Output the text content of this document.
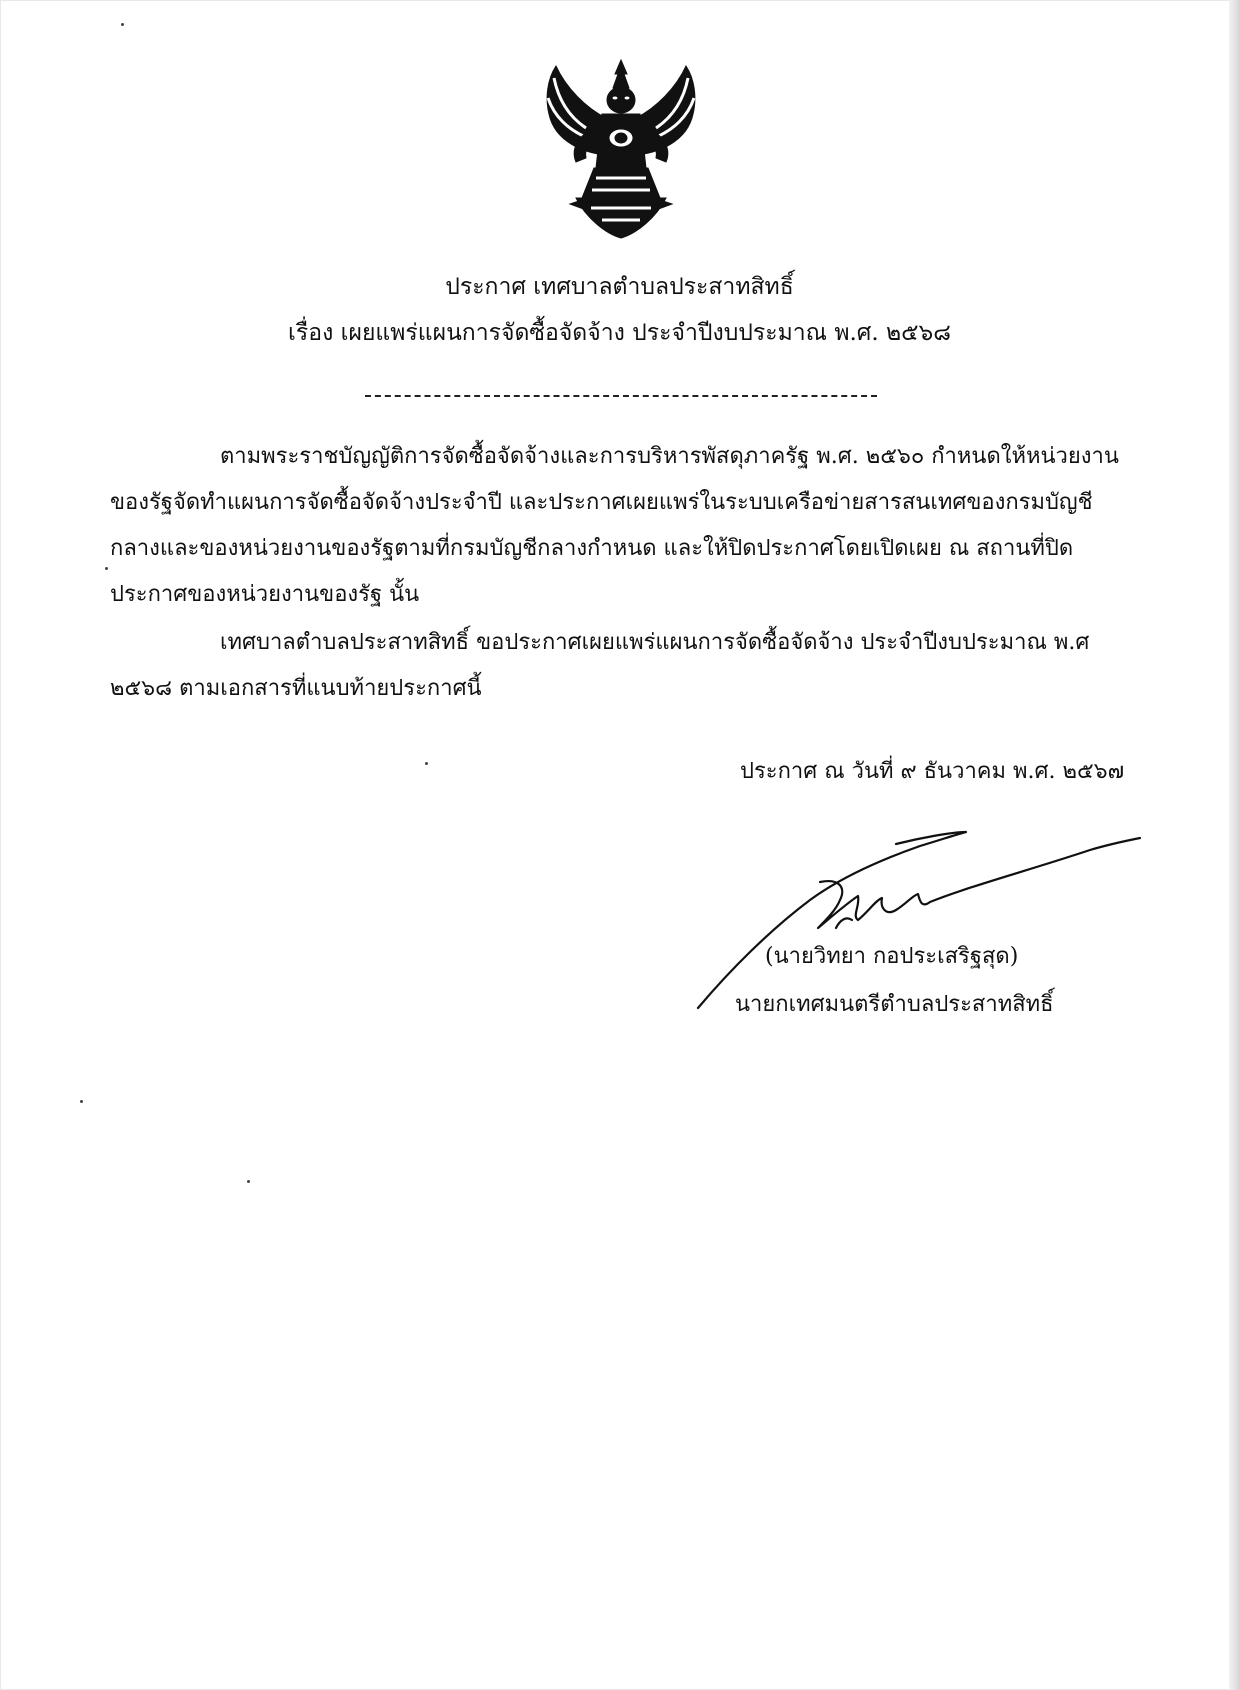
ประกาศ เทศบาลตำบลประสาทสิทธิ์
เรื่อง เผยแพร่แผนการจัดซื้อจัดจ้าง ประจำปีงบประมาณ พ.ศ. ๒๕๖๘
ตามพระราชบัญญัติการจัดซื้อจัดจ้างและการบริหารพัสดุภาครัฐ พ.ศ. ๒๕๖๐ กำหนดให้หน่วยงานของรัฐจัดทำแผนการจัดซื้อจัดจ้างประจำปี และประกาศเผยแพร่ในระบบเครือข่ายสารสนเทศของกรมบัญชีกลางและของหน่วยงานของรัฐตามที่กรมบัญชีกลางกำหนด และให้ปิดประกาศโดยเปิดเผย ณ สถานที่ปิดประกาศของหน่วยงานของรัฐ นั้น
เทศบาลตำบลประสาทสิทธิ์ ขอประกาศเผยแพร่แผนการจัดซื้อจัดจ้าง ประจำปีงบประมาณ พ.ศ ๒๕๖๘ ตามเอกสารที่แนบท้ายประกาศนี้
ประกาศ ณ วันที่ ๙ ธันวาคม พ.ศ. ๒๕๖๗
(นายวิทยา กอประเสริฐสุด)
นายกเทศมนตรีตำบลประสาทสิทธิ์
